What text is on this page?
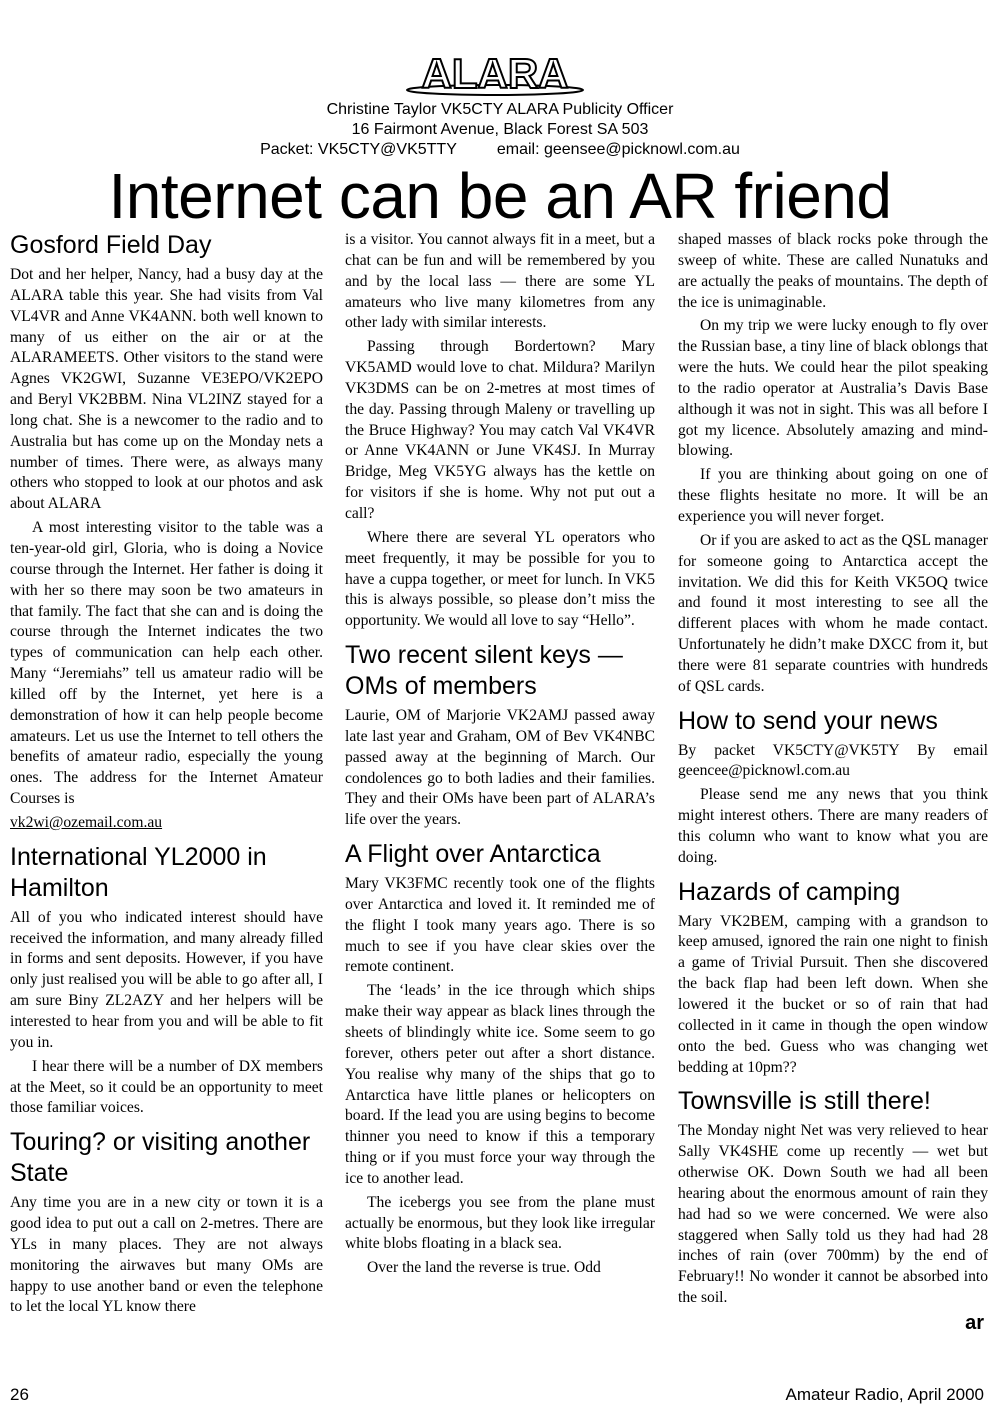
ALARA
Christine Taylor VK5CTY ALARA Publicity Officer
16 Fairmont Avenue, Black Forest SA 503
Packet: VK5CTY@VK5TTY	email: geensee@picknowl.com.au
Internet can be an AR friend
Gosford Field Day

Dot and her helper, Nancy, had a busy day at the ALARA table this year. She had visits from Val VL4VR and Anne VK4ANN. both well known to many of us either on the air or at the ALARAMEETS. Other visitors to the stand were Agnes VK2GWI, Suzanne VE3EPO/VK2EPO and Beryl VK2BBM. Nina VL2INZ stayed for a long chat. She is a newcomer to the radio and to Australia but has come up on the Monday nets a number of times. There were, as always many others who stopped to look at our photos and ask about ALARA

A most interesting visitor to the table was a ten-year-old girl, Gloria, who is doing a Novice course through the Internet. Her father is doing it with her so there may soon be two amateurs in that family. The fact that she can and is doing the course through the Internet indicates the two types of communication can help each other. Many “Jeremiahs” tell us amateur radio will be killed off by the Internet, yet here is a demonstration of how it can help people become amateurs. Let us use the Internet to tell others the benefits of amateur radio, especially the young ones. The address for the Internet Amateur Courses is

vk2wi@ozemail.com.au

International YL2000 in Hamilton

All of you who indicated interest should have received the information, and many already filled in forms and sent deposits. However, if you have only just realised you will be able to go after all, I am sure Biny ZL2AZY and her helpers will be interested to hear from you and will be able to fit you in.

I hear there will be a number of DX members at the Meet, so it could be an opportunity to meet those familiar voices.

Touring? or visiting another State

Any time you are in a new city or town it is a good idea to put out a call on 2-metres. There are YLs in many places. They are not always monitoring the airwaves but many OMs are happy to use another band or even the telephone to let the local YL know there

is a visitor. You cannot always fit in a meet, but a chat can be fun and will be remembered by you and by the local lass — there are some YL amateurs who live many kilometres from any other lady with similar interests.

Passing through Bordertown? Mary VK5AMD would love to chat. Mildura? Marilyn VK3DMS can be on 2-metres at most times of the day. Passing through Maleny or travelling up the Bruce Highway? You may catch Val VK4VR or Anne VK4ANN or June VK4SJ. In Murray Bridge, Meg VK5YG always has the kettle on for visitors if she is home. Why not put out a call?

Where there are several YL operators who meet frequently, it may be possible for you to have a cuppa together, or meet for lunch. In VK5 this is always possible, so please don’t miss the opportunity. We would all love to say “Hello”.

Two recent silent keys — OMs of members

Laurie, OM of Marjorie VK2AMJ passed away late last year and Graham, OM of Bev VK4NBC passed away at the beginning of March. Our condolences go to both ladies and their families. They and their OMs have been part of ALARA’s life over the years.

A Flight over Antarctica

Mary VK3FMC recently took one of the flights over Antarctica and loved it. It reminded me of the flight I took many years ago. There is so much to see if you have clear skies over the remote continent.

The ‘leads’ in the ice through which ships make their way appear as black lines through the sheets of blindingly white ice. Some seem to go forever, others peter out after a short distance. You realise why many of the ships that go to Antarctica have little planes or helicopters on board. If the lead you are using begins to become thinner you need to know if this a temporary thing or if you must force your way through the ice to another lead.

The icebergs you see from the plane must actually be enormous, but they look like irregular white blobs floating in a black sea.

Over the land the reverse is true. Odd

shaped masses of black rocks poke through the sweep of white. These are called Nunatuks and are actually the peaks of mountains. The depth of the ice is unimaginable.

On my trip we were lucky enough to fly over the Russian base, a tiny line of black oblongs that were the huts. We could hear the pilot speaking to the radio operator at Australia’s Davis Base although it was not in sight. This was all before I got my licence. Absolutely amazing and mind-blowing.

If you are thinking about going on one of these flights hesitate no more. It will be an experience you will never forget.

Or if you are asked to act as the QSL manager for someone going to Antarctica accept the invitation. We did this for Keith VK5OQ twice and found it most interesting to see all the different places with whom he made contact. Unfortunately he didn’t make DXCC from it, but there were 81 separate countries with hundreds of QSL cards.

How to send your news

By packet VK5CTY@VK5TY By email geencee@picknowl.com.au

Please send me any news that you think might interest others. There are many readers of this column who want to know what you are doing.

Hazards of camping

Mary VK2BEM, camping with a grandson to keep amused, ignored the rain one night to finish a game of Trivial Pursuit. Then she discovered the back flap had been left down. When she lowered it the bucket or so of rain that had collected in it came in though the open window onto the bed. Guess who was changing wet bedding at 10pm??

Townsville is still there!

The Monday night Net was very relieved to hear Sally VK4SHE come up recently — wet but otherwise OK. Down South we had all been hearing about the enormous amount of rain they had had so we were concerned. We were also staggered when Sally told us they had had 28 inches of rain (over 700mm) by the end of February!! No wonder it cannot be absorbed into the soil.

ar
26	Amateur Radio, April 2000
